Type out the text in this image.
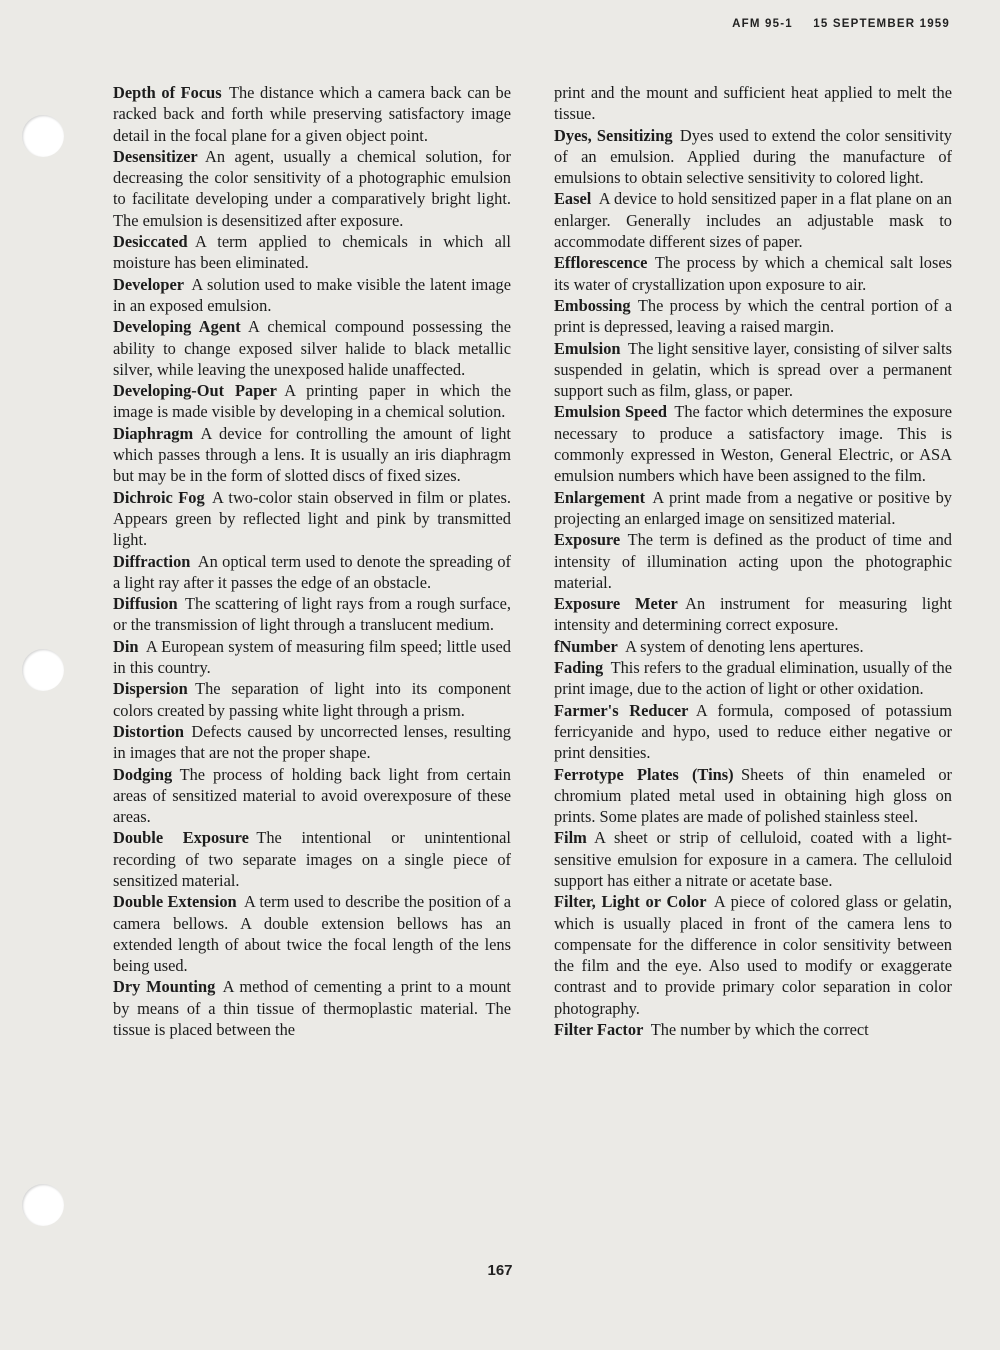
AFM 95-1 15 SEPTEMBER 1959

Depth of Focus The distance which a camera back can be racked back and forth while preserving satisfactory image detail in the focal plane for a given object point.

Desensitizer An agent, usually a chemical solution, for decreasing the color sensitivity of a photographic emulsion to facilitate developing under a comparatively bright light. The emulsion is desensitized after exposure.

Desiccated A term applied to chemicals in which all moisture has been eliminated.

Developer A solution used to make visible the latent image in an exposed emulsion.

Developing Agent A chemical compound possessing the ability to change exposed silver halide to black metallic silver, while leaving the unexposed halide unaffected.

Developing-Out Paper A printing paper in which the image is made visible by developing in a chemical solution.

Diaphragm A device for controlling the amount of light which passes through a lens. It is usually an iris diaphragm but may be in the form of slotted discs of fixed sizes.

Dichroic Fog A two-color stain observed in film or plates. Appears green by reflected light and pink by transmitted light.

Diffraction An optical term used to denote the spreading of a light ray after it passes the edge of an obstacle.

Diffusion The scattering of light rays from a rough surface, or the transmission of light through a translucent medium.

Din A European system of measuring film speed; little used in this country.

Dispersion The separation of light into its component colors created by passing white light through a prism.

Distortion Defects caused by uncorrected lenses, resulting in images that are not the proper shape.

Dodging The process of holding back light from certain areas of sensitized material to avoid overexposure of these areas.

Double Exposure The intentional or unintentional recording of two separate images on a single piece of sensitized material.

Double Extension A term used to describe the position of a camera bellows. A double extension bellows has an extended length of about twice the focal length of the lens being used.

Dry Mounting A method of cementing a print to a mount by means of a thin tissue of thermoplastic material. The tissue is placed between the

print and the mount and sufficient heat applied to melt the tissue.

Dyes, Sensitizing Dyes used to extend the color sensitivity of an emulsion. Applied during the manufacture of emulsions to obtain selective sensitivity to colored light.

Easel A device to hold sensitized paper in a flat plane on an enlarger. Generally includes an adjustable mask to accommodate different sizes of paper.

Efflorescence The process by which a chemical salt loses its water of crystallization upon exposure to air.

Embossing The process by which the central portion of a print is depressed, leaving a raised margin.

Emulsion The light sensitive layer, consisting of silver salts suspended in gelatin, which is spread over a permanent support such as film, glass, or paper.

Emulsion Speed The factor which determines the exposure necessary to produce a satisfactory image. This is commonly expressed in Weston, General Electric, or ASA emulsion numbers which have been assigned to the film.

Enlargement A print made from a negative or positive by projecting an enlarged image on sensitized material.

Exposure The term is defined as the product of time and intensity of illumination acting upon the photographic material.

Exposure Meter An instrument for measuring light intensity and determining correct exposure.

fNumber A system of denoting lens apertures.

Fading This refers to the gradual elimination, usually of the print image, due to the action of light or other oxidation.

Farmer's Reducer A formula, composed of potassium ferricyanide and hypo, used to reduce either negative or print densities.

Ferrotype Plates (Tins) Sheets of thin enameled or chromium plated metal used in obtaining high gloss on prints. Some plates are made of polished stainless steel.

Film A sheet or strip of celluloid, coated with a light-sensitive emulsion for exposure in a camera. The celluloid support has either a nitrate or acetate base.

Filter, Light or Color A piece of colored glass or gelatin, which is usually placed in front of the camera lens to compensate for the difference in color sensitivity between the film and the eye. Also used to modify or exaggerate contrast and to provide primary color separation in color photography.

Filter Factor The number by which the correct

167
